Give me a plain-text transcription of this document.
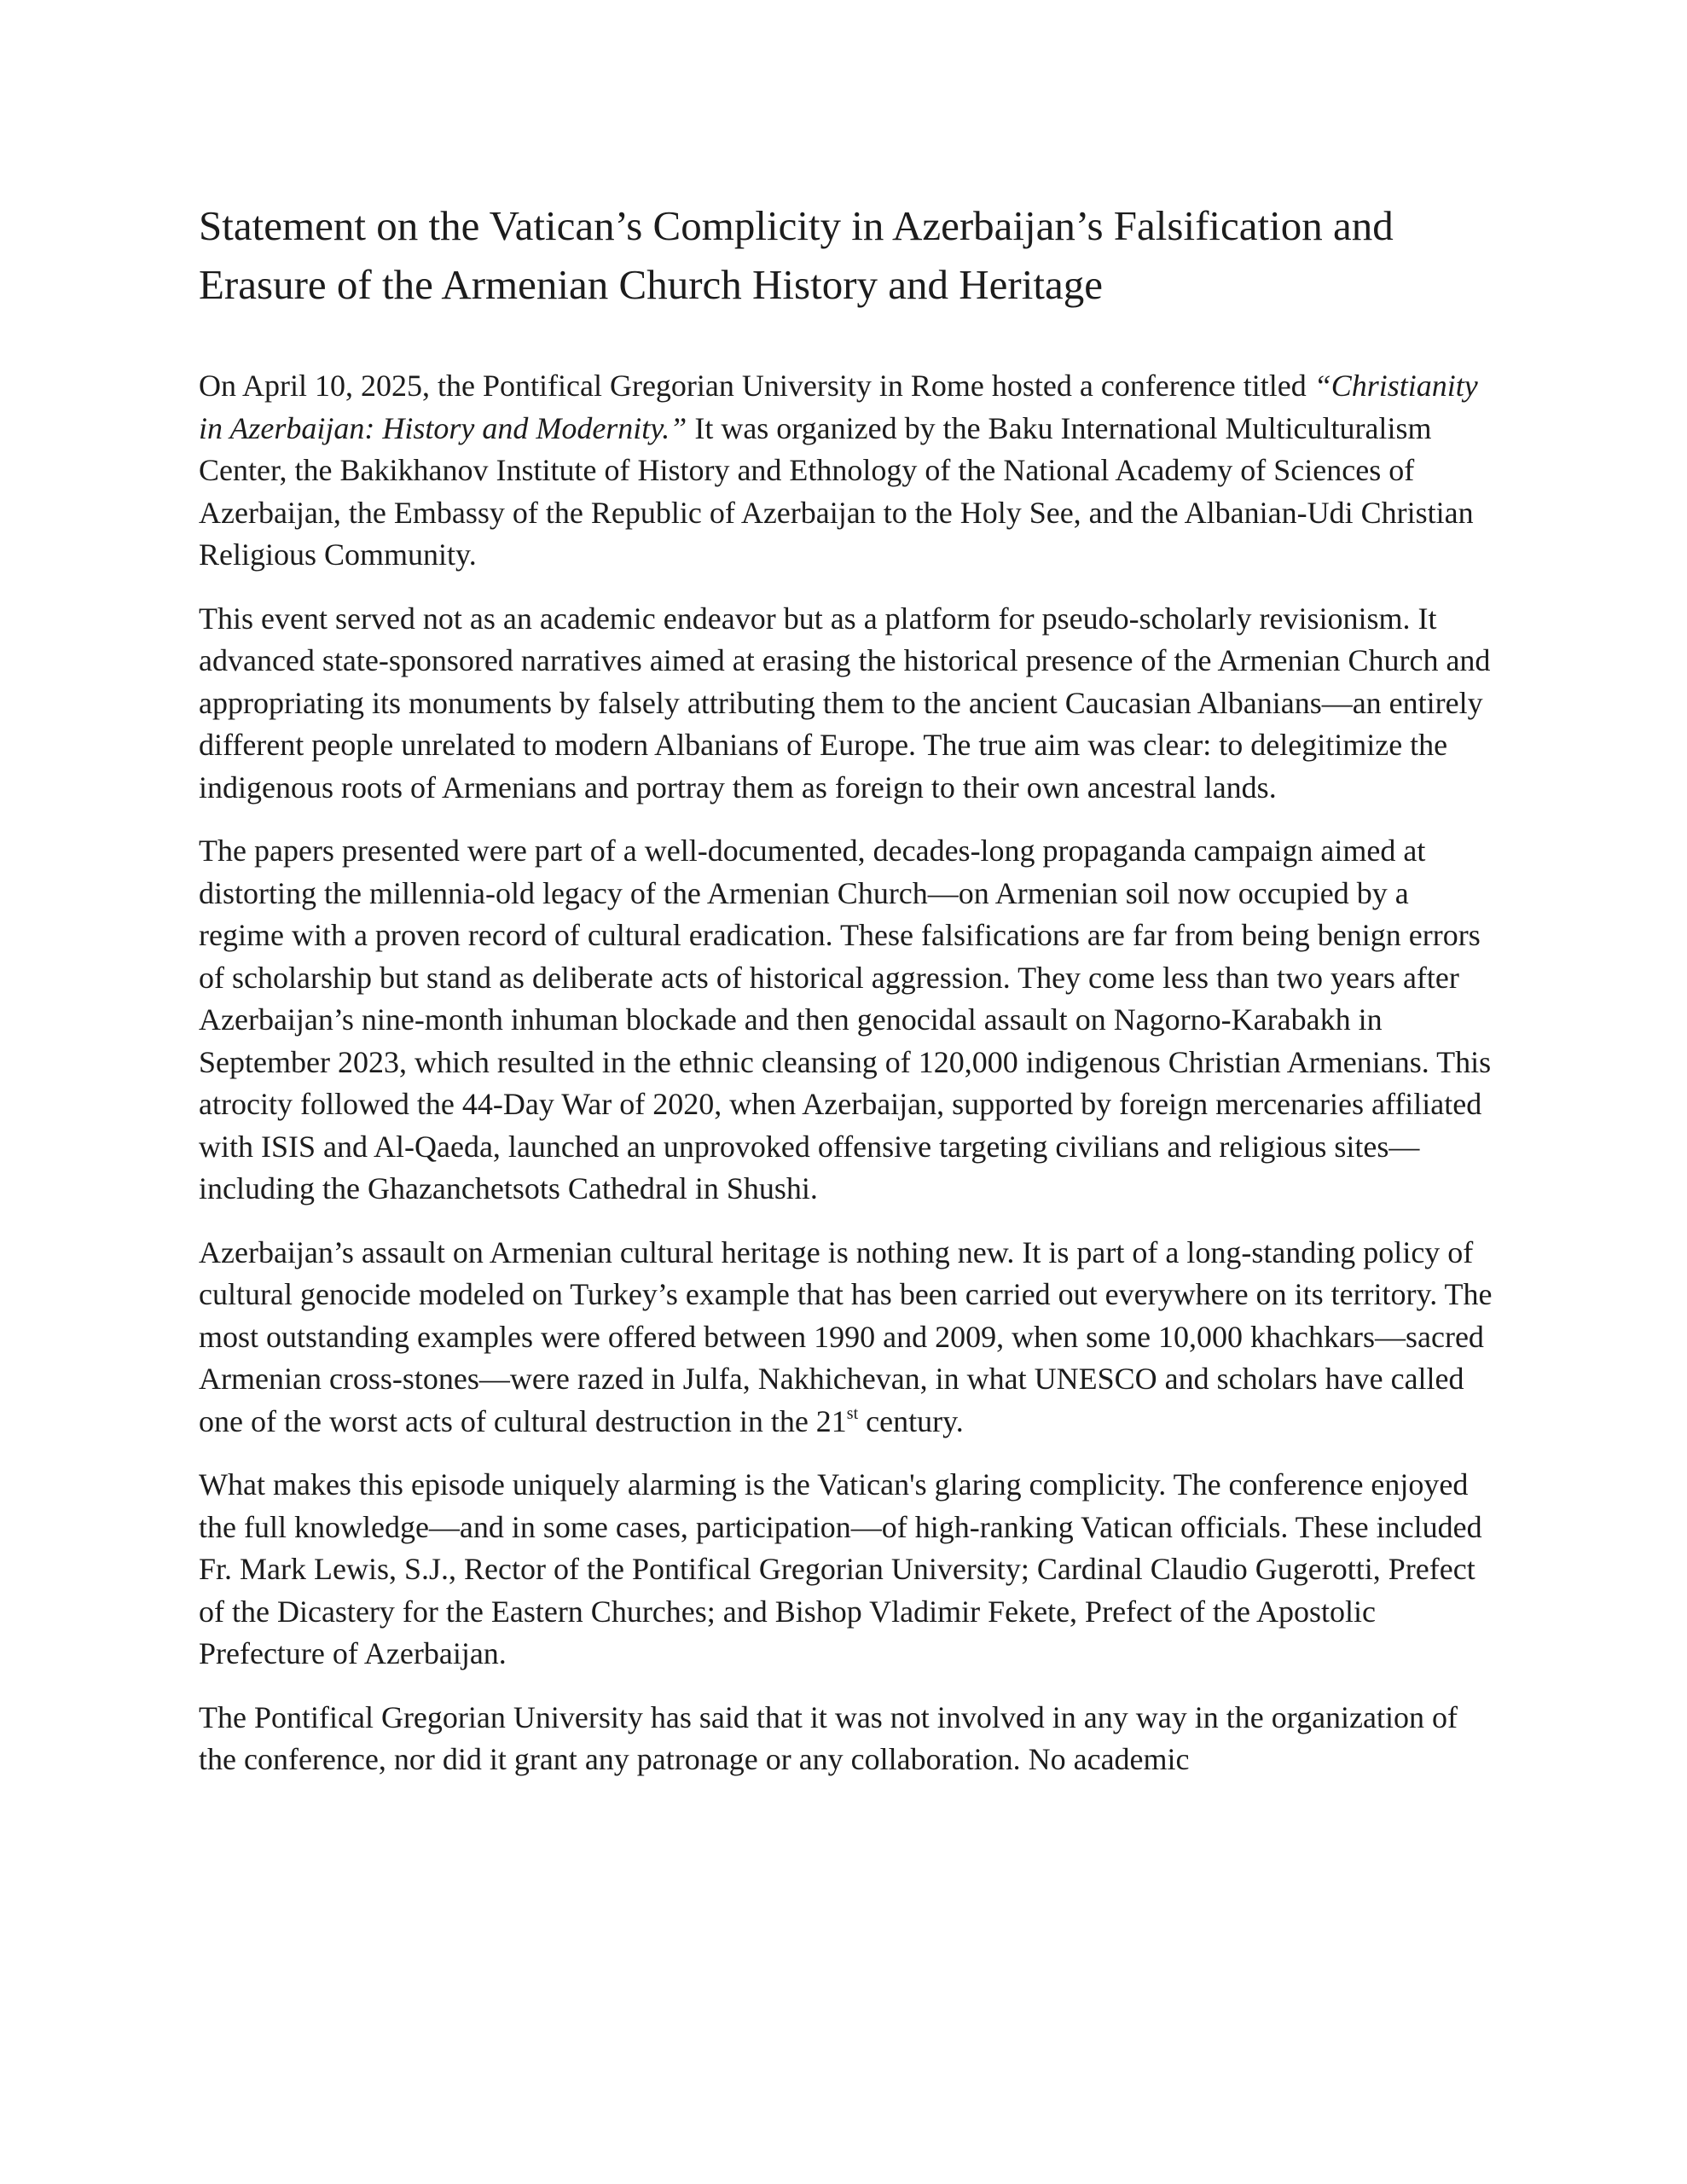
Statement on the Vatican’s Complicity in Azerbaijan’s Falsification and Erasure of the Armenian Church History and Heritage

On April 10, 2025, the Pontifical Gregorian University in Rome hosted a conference titled “Christianity in Azerbaijan: History and Modernity.” It was organized by the Baku International Multiculturalism Center, the Bakikhanov Institute of History and Ethnology of the National Academy of Sciences of Azerbaijan, the Embassy of the Republic of Azerbaijan to the Holy See, and the Albanian-Udi Christian Religious Community.

This event served not as an academic endeavor but as a platform for pseudo-scholarly revisionism. It advanced state-sponsored narratives aimed at erasing the historical presence of the Armenian Church and appropriating its monuments by falsely attributing them to the ancient Caucasian Albanians—an entirely different people unrelated to modern Albanians of Europe. The true aim was clear: to delegitimize the indigenous roots of Armenians and portray them as foreign to their own ancestral lands.

The papers presented were part of a well-documented, decades-long propaganda campaign aimed at distorting the millennia-old legacy of the Armenian Church—on Armenian soil now occupied by a regime with a proven record of cultural eradication. These falsifications are far from being benign errors of scholarship but stand as deliberate acts of historical aggression. They come less than two years after Azerbaijan’s nine-month inhuman blockade and then genocidal assault on Nagorno-Karabakh in September 2023, which resulted in the ethnic cleansing of 120,000 indigenous Christian Armenians. This atrocity followed the 44-Day War of 2020, when Azerbaijan, supported by foreign mercenaries affiliated with ISIS and Al-Qaeda, launched an unprovoked offensive targeting civilians and religious sites—including the Ghazanchetsots Cathedral in Shushi.

Azerbaijan’s assault on Armenian cultural heritage is nothing new. It is part of a long-standing policy of cultural genocide modeled on Turkey’s example that has been carried out everywhere on its territory. The most outstanding examples were offered between 1990 and 2009, when some 10,000 khachkars—sacred Armenian cross-stones—were razed in Julfa, Nakhichevan, in what UNESCO and scholars have called one of the worst acts of cultural destruction in the 21st century.

What makes this episode uniquely alarming is the Vatican's glaring complicity. The conference enjoyed the full knowledge—and in some cases, participation—of high-ranking Vatican officials. These included Fr. Mark Lewis, S.J., Rector of the Pontifical Gregorian University; Cardinal Claudio Gugerotti, Prefect of the Dicastery for the Eastern Churches; and Bishop Vladimir Fekete, Prefect of the Apostolic Prefecture of Azerbaijan.

The Pontifical Gregorian University has said that it was not involved in any way in the organization of the conference, nor did it grant any patronage or any collaboration. No academic
